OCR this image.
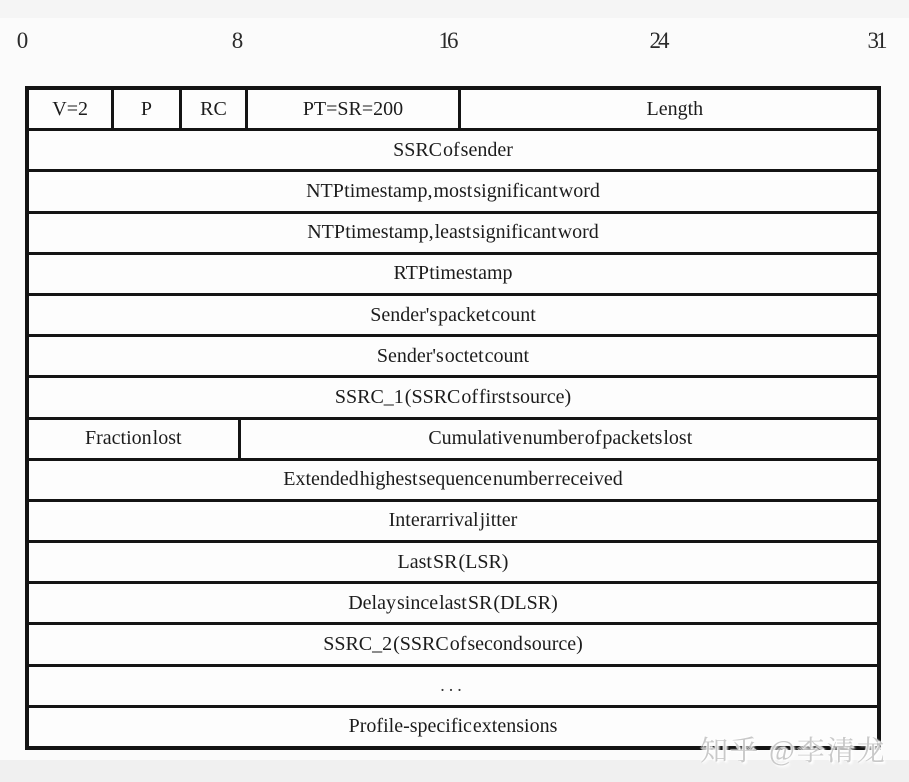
0	8	16	24	31
V=2	P	RC	PT=SR=200	Length
SSRC of sender
NTP timestamp, most significant word
NTP timestamp, least significant word
RTP timestamp
Sender's packet count
Sender's octet count
SSRC_1 (SSRC of first source)
Fraction lost	Cumulative number of packets lost
Extended highest sequence number received
Interarrival jitter
Last SR (LSR)
Delay since last SR (DLSR)
SSRC_2 (SSRC of second source)
...
Profile-specific extensions
知乎 @李清龙
